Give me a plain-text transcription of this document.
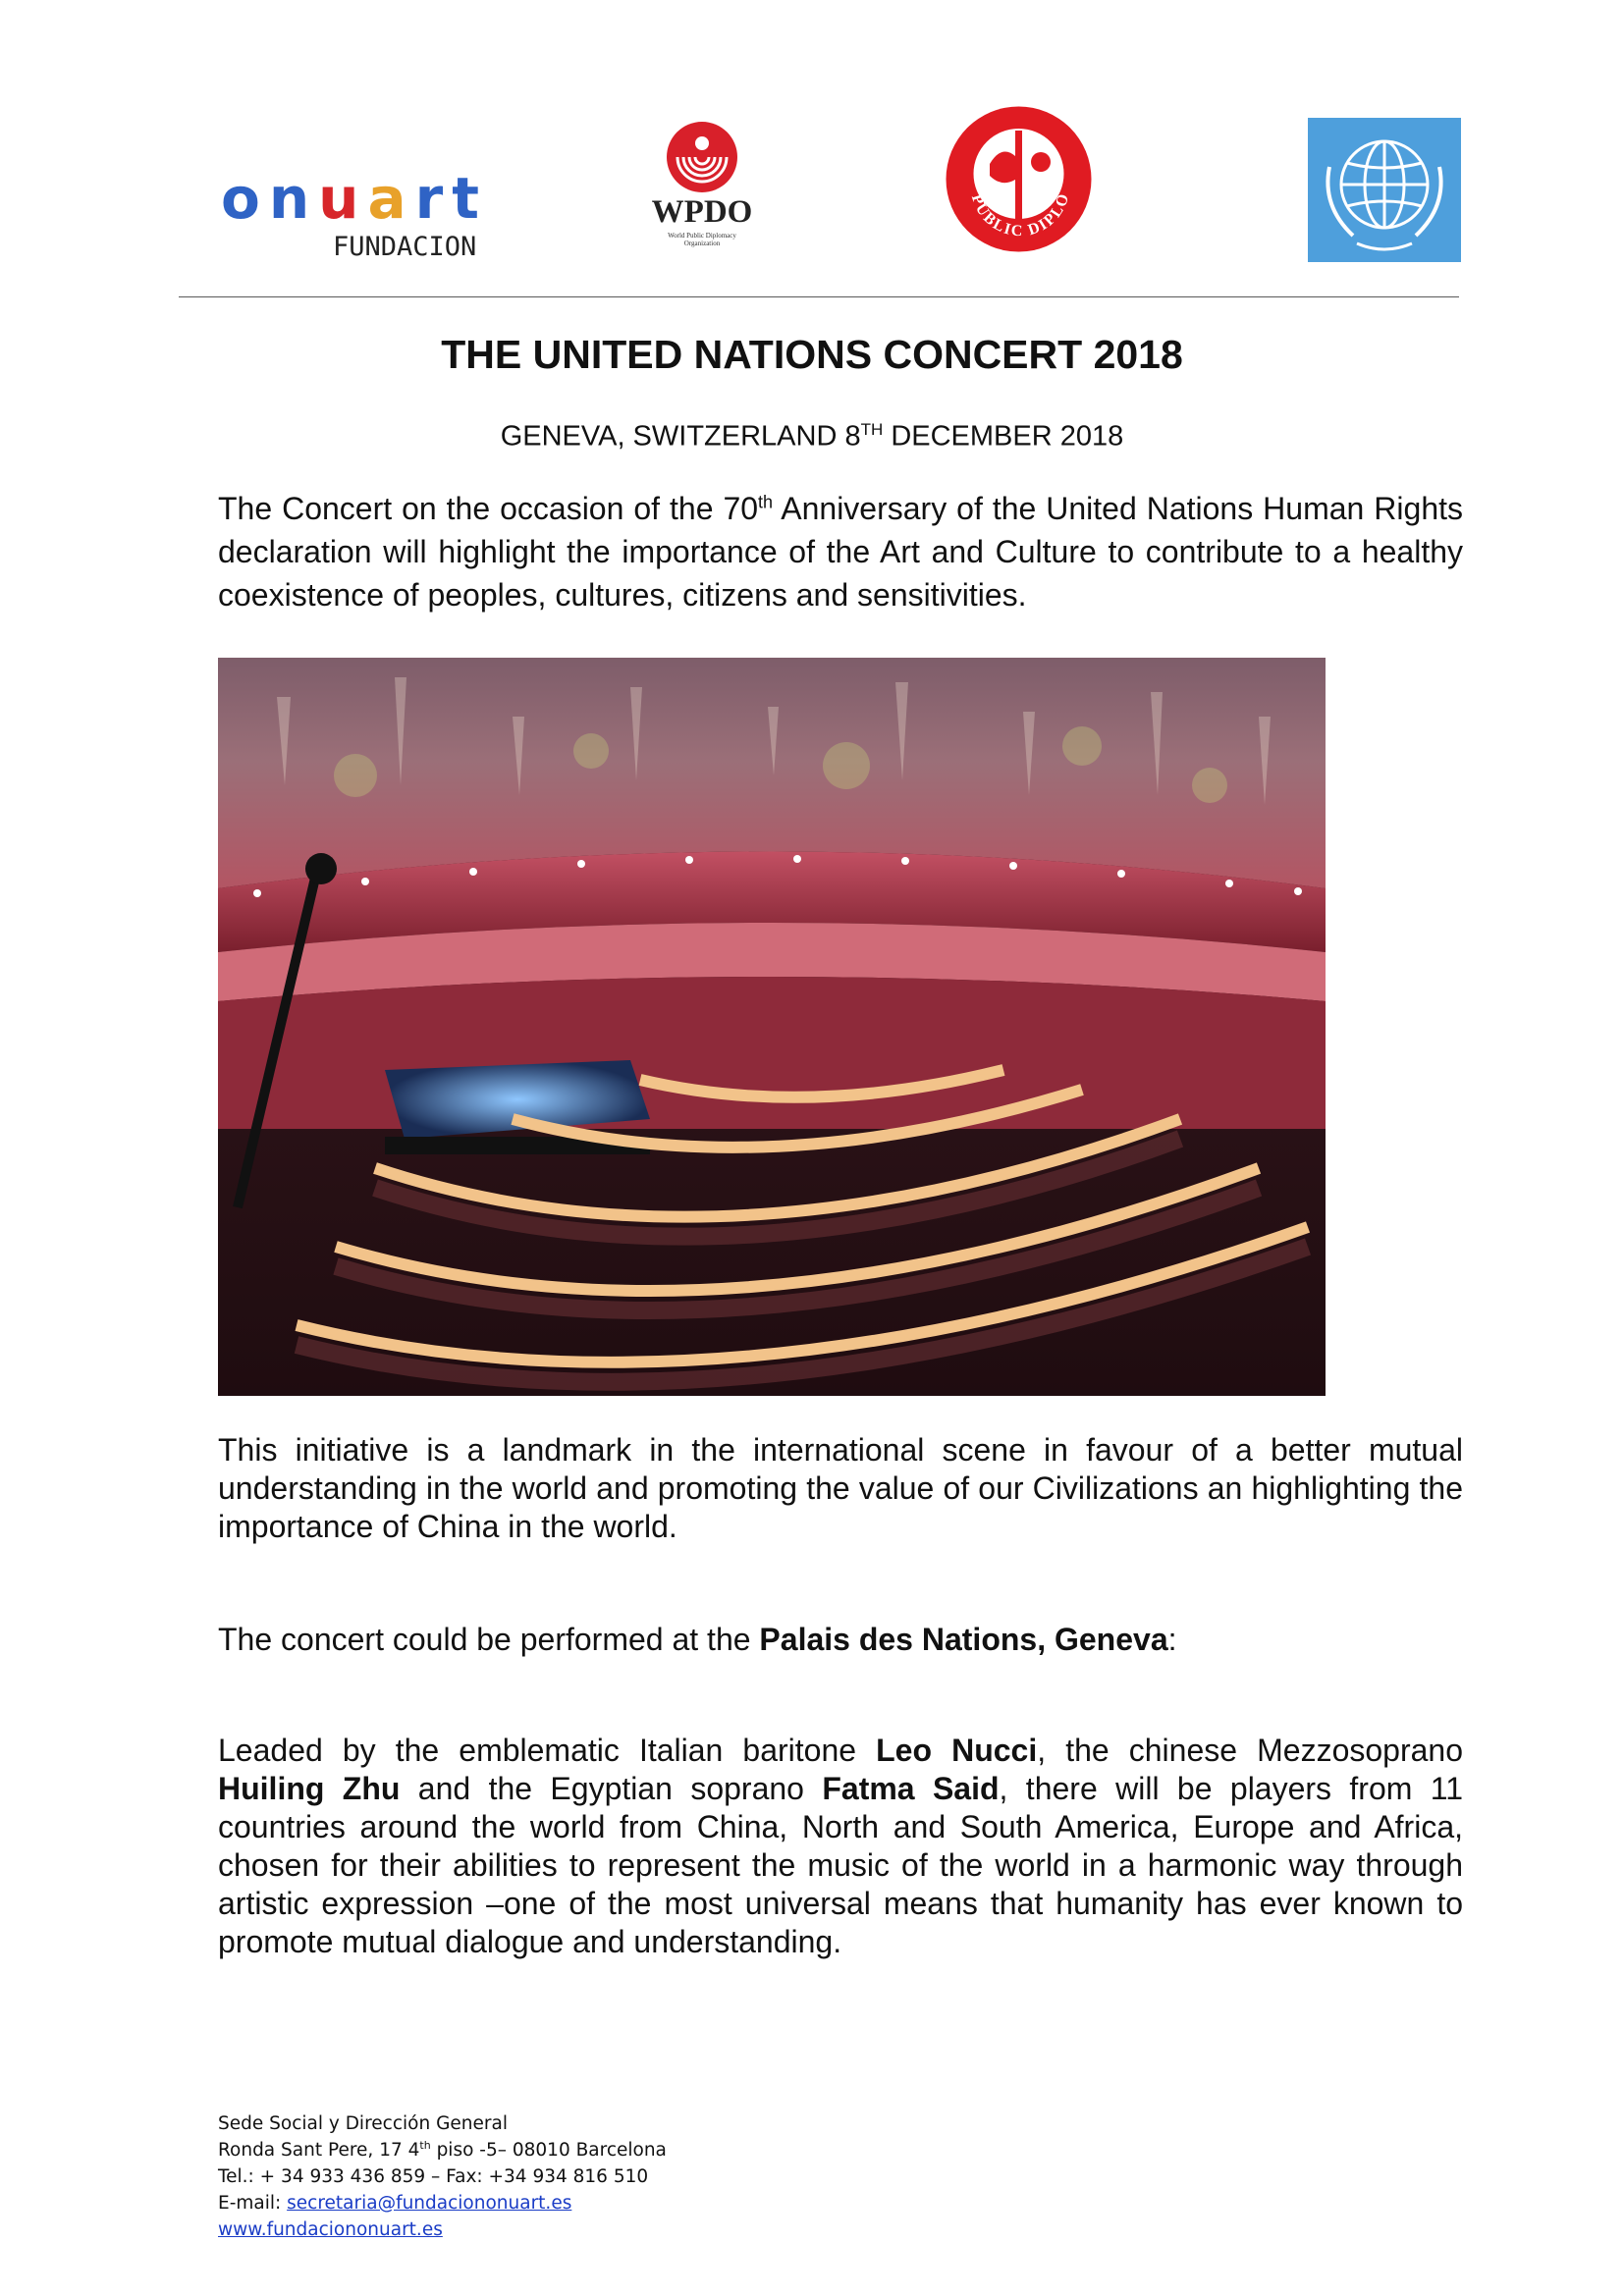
onuart
FUNDACION
WPDO
World Public Diplomacy
Organization
PUBLIC DIPLO
THE UNITED NATIONS CONCERT 2018
GENEVA, SWITZERLAND 8TH DECEMBER 2018

The Concert on the occasion of the 70th Anniversary of the United Nations Human Rights declaration will highlight the importance of the Art and Culture to contribute to a healthy coexistence of peoples, cultures, citizens and sensitivities.

This initiative is a landmark in the international scene in favour of a better mutual understanding in the world and promoting the value of our Civilizations an highlighting the importance of China in the world.

The concert could be performed at the Palais des Nations, Geneva:

Leaded by the emblematic Italian baritone Leo Nucci, the chinese Mezzosoprano Huiling Zhu and the Egyptian soprano Fatma Said, there will be players from 11 countries around the world from China, North and South America, Europe and Africa, chosen for their abilities to represent the music of the world in a harmonic way through artistic expression –one of the most universal means that humanity has ever known to promote mutual dialogue and understanding.

Sede Social y Dirección General
Ronda Sant Pere, 17 4th piso -5– 08010 Barcelona
Tel.: + 34 933 436 859 – Fax: +34 934 816 510
E-mail: secretaria@fundaciononuart.es
www.fundaciononuart.es
